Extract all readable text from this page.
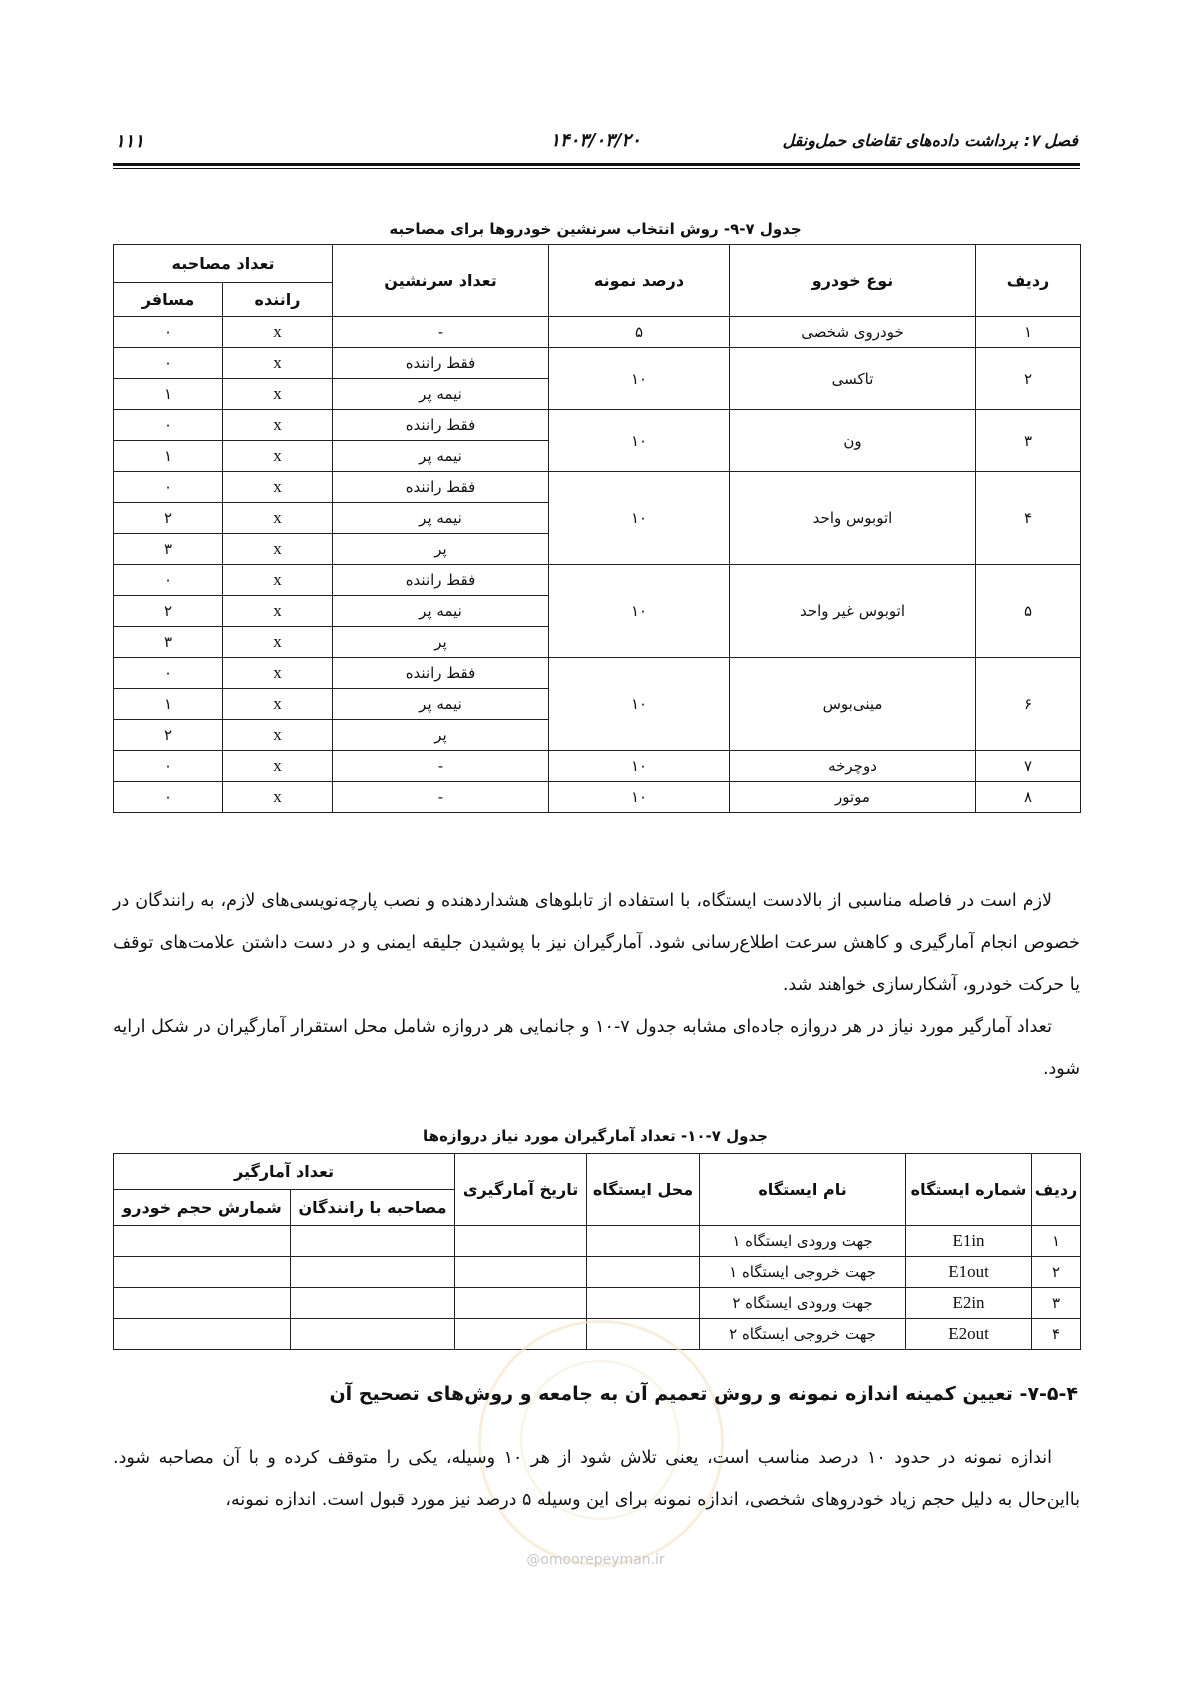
۱۱۱	۱۴۰۳/۰۳/۲۰	فصل ۷: برداشت داده‌های تقاضای حمل‌ونقل
جدول ۷-۹- روش انتخاب سرنشین خودروها برای مصاحبه
ردیف	نوع خودرو	درصد نمونه	تعداد سرنشین	تعداد مصاحبه	
				راننده	مسافر
۱	خودروی شخصی	۵	-	x	۰
۲	تاکسی	۱۰	فقط راننده	x	۰
			نیمه پر	x	۱
۳	ون	۱۰	فقط راننده	x	۰
			نیمه پر	x	۱
۴	اتوبوس واحد	۱۰	فقط راننده	x	۰
			نیمه پر	x	۲
			پر	x	۳
۵	اتوبوس غیر واحد	۱۰	فقط راننده	x	۰
			نیمه پر	x	۲
			پر	x	۳
۶	مینی‌بوس	۱۰	فقط راننده	x	۰
			نیمه پر	x	۱
			پر	x	۲
۷	دوچرخه	۱۰	-	x	۰
۸	موتور	۱۰	-	x	۰

لازم است در فاصله مناسبی از بالادست ایستگاه، با استفاده از تابلوهای هشداردهنده و نصب پارچه‌نویسی‌های لازم، به رانندگان در خصوص انجام آمارگیری و کاهش سرعت اطلاع‌رسانی شود. آمارگیران نیز با پوشیدن جلیقه ایمنی و در دست داشتن علامت‌های توقف یا حرکت خودرو، آشکارسازی خواهند شد.

تعداد آمارگیر مورد نیاز در هر دروازه جاده‌ای مشابه جدول ۷-۱۰ و جانمایی هر دروازه شامل محل استقرار آمارگیران در شکل ارایه شود.

جدول ۷-۱۰- تعداد آمارگیران مورد نیاز دروازه‌ها
ردیف	شماره ایستگاه	نام ایستگاه	محل ایستگاه	تاریخ آمارگیری	تعداد آمارگیر	
					مصاحبه با رانندگان	شمارش حجم خودرو
۱	E1in	جهت ورودی ایستگاه ۱				
۲	E1out	جهت خروجی ایستگاه ۱				
۳	E2in	جهت ورودی ایستگاه ۲				
۴	E2out	جهت خروجی ایستگاه ۲				
۷-۵-۴- تعیین کمینه اندازه نمونه و روش تعمیم آن به جامعه و روش‌های تصحیح آن

اندازه نمونه در حدود ۱۰ درصد مناسب است، یعنی تلاش شود از هر ۱۰ وسیله، یکی را متوقف کرده و با آن مصاحبه شود. بااین‌حال به دلیل حجم زیاد خودروهای شخصی، اندازه نمونه برای این وسیله ۵ درصد نیز مورد قبول است. اندازه نمونه،

@omoorepeyman.ir
